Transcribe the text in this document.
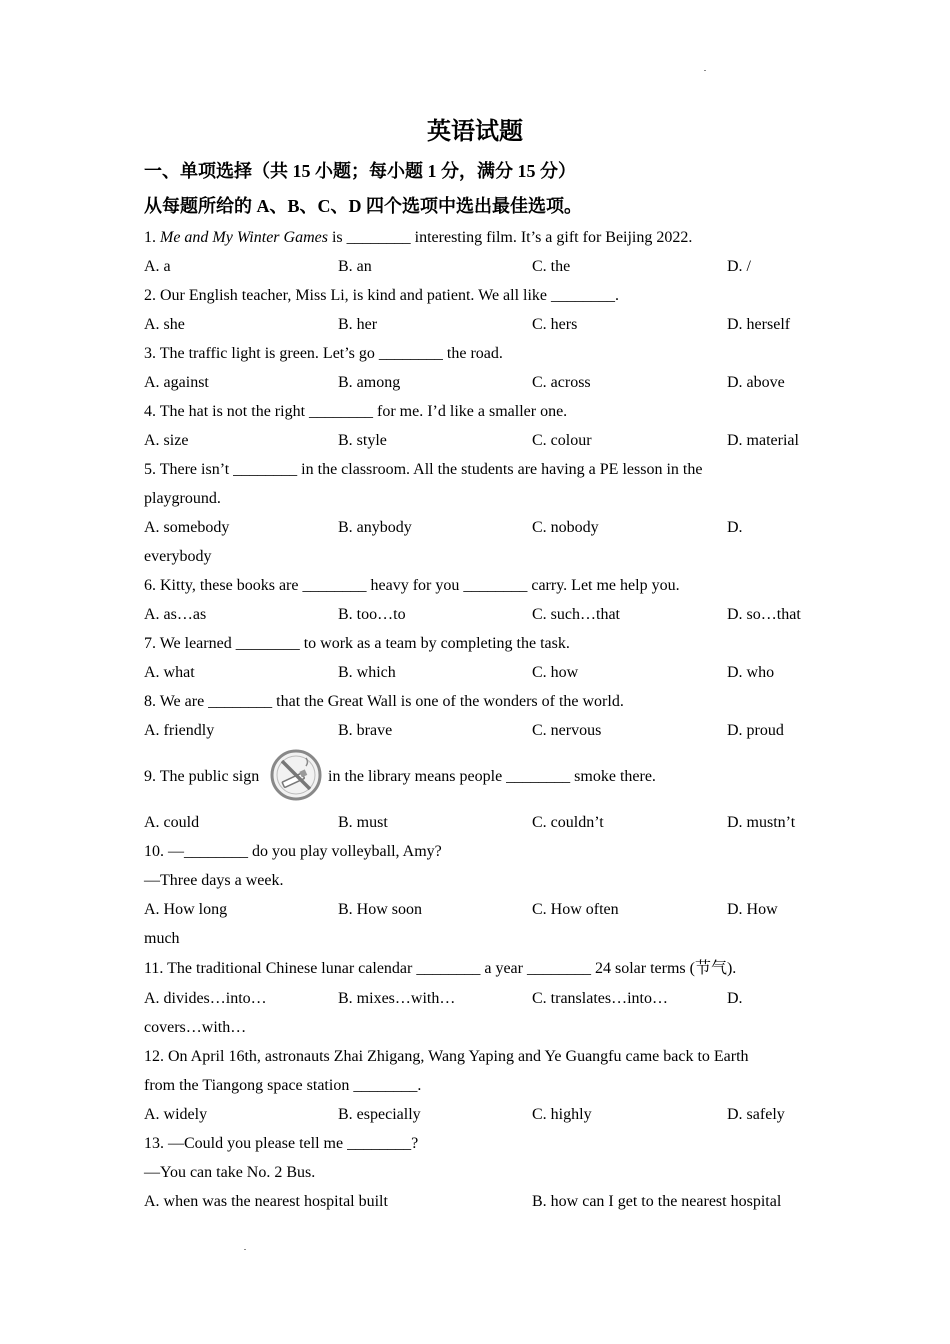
英语试题
一、单项选择（共 15 小题；每小题 1 分，满分 15 分）
从每题所给的 A、B、C、D 四个选项中选出最佳选项。
1. Me and My Winter Games is ________ interesting film. It’s a gift for Beijing 2022.
A. a	B. an	C. the	D. /
2. Our English teacher, Miss Li, is kind and patient. We all like ________.
A. she	B. her	C. hers	D. herself
3. The traffic light is green. Let’s go ________ the road.
A. against	B. among	C. across	D. above
4. The hat is not the right ________ for me. I’d like a smaller one.
A. size	B. style	C. colour	D. material
5. There isn’t ________ in the classroom. All the students are having a PE lesson in the
playground.
A. somebody	B. anybody	C. nobody	D.
everybody
6. Kitty, these books are ________ heavy for you ________ carry. Let me help you.
A. as…as	B. too…to	C. such…that	D. so…that
7. We learned ________ to work as a team by completing the task.
A. what	B. which	C. how	D. who
8. We are ________ that the Great Wall is one of the wonders of the world.
A. friendly	B. brave	C. nervous	D. proud
9. The public sign	in the library means people ________ smoke there.
A. could	B. must	C. couldn’t	D. mustn’t
10. —________ do you play volleyball, Amy?
—Three days a week.
A. How long	B. How soon	C. How often	D. How
much
11. The traditional Chinese lunar calendar ________ a year ________ 24 solar terms (节气).
A. divides…into…	B. mixes…with…	C. translates…into…	D.
covers…with…
12. On April 16th, astronauts Zhai Zhigang, Wang Yaping and Ye Guangfu came back to Earth
from the Tiangong space station ________.
A. widely	B. especially	C. highly	D. safely
13. —Could you please tell me ________?
—You can take No. 2 Bus.
A. when was the nearest hospital built	B. how can I get to the nearest hospital
